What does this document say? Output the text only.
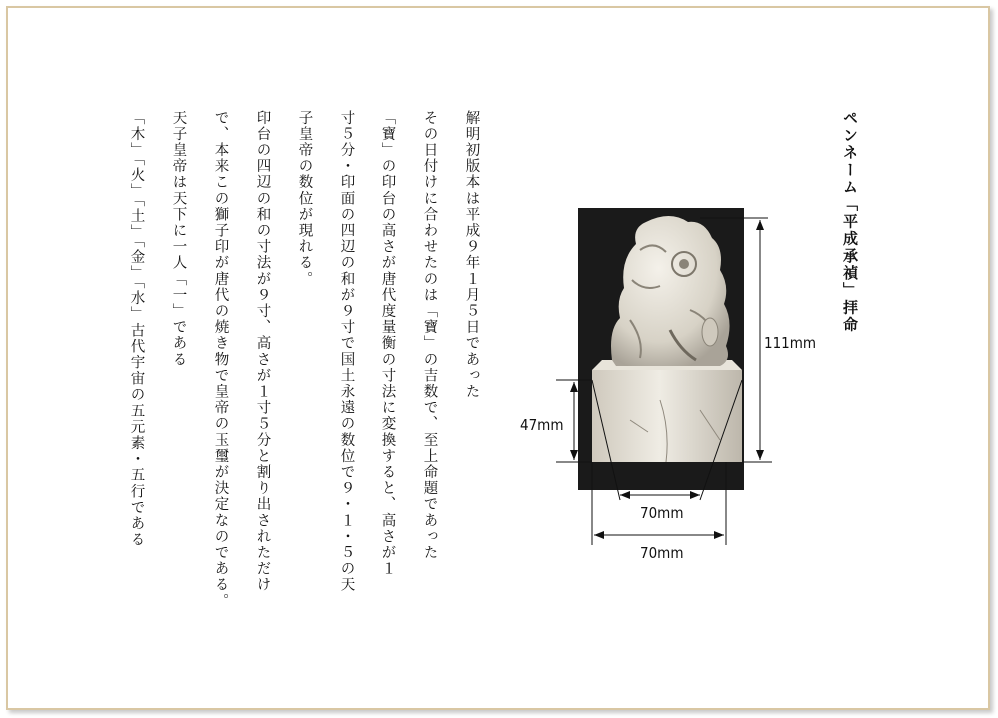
ペンネーム「平成承禎」拝命
解明初版本は平成９年１月５日であった
その日付けに合わせたのは「寶」の吉数で、至上命題であった
「寶」の印台の高さが唐代度量衡の寸法に変換すると、高さが１
寸５分・印面の四辺の和が９寸で国土永遠の数位で９・１・５の天
子皇帝の数位が現れる。
印台の四辺の和の寸法が９寸、高さが１寸５分と割り出されただけ
で、本来この獅子印が唐代の焼き物で皇帝の玉璽が決定なのである。
天子皇帝は天下に一人「一」である
「木」「火」「土」「金」「水」古代宇宙の五元素・五行である	111mm
47mm
70mm
70mm
